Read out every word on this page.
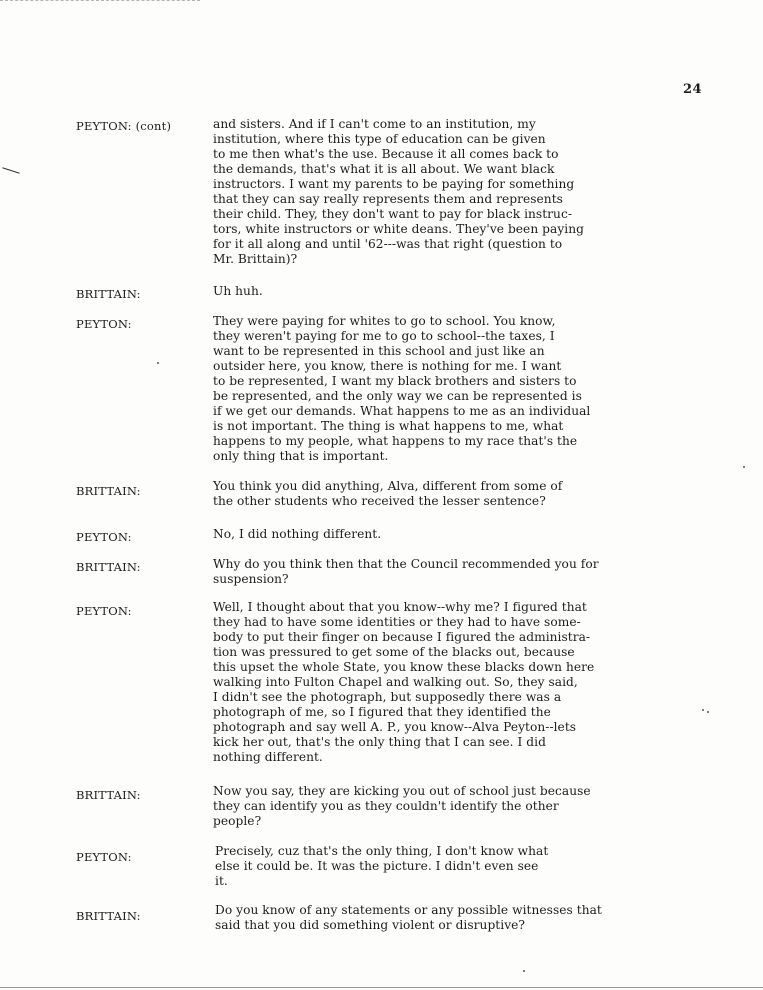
24
PEYTON: (cont)	and sisters. And if I can't come to an institution, my
institution, where this type of education can be given
to me then what's the use. Because it all comes back to
the demands, that's what it is all about. We want black
instructors. I want my parents to be paying for something
that they can say really represents them and represents
their child. They, they don't want to pay for black instruc-
tors, white instructors or white deans. They've been paying
for it all along and until '62---was that right (question to
Mr. Brittain)?
BRITTAIN:	Uh huh.
PEYTON:	They were paying for whites to go to school. You know,
they weren't paying for me to go to school--the taxes, I
want to be represented in this school and just like an
outsider here, you know, there is nothing for me. I want
to be represented, I want my black brothers and sisters to
be represented, and the only way we can be represented is
if we get our demands. What happens to me as an individual
is not important. The thing is what happens to me, what
happens to my people, what happens to my race that's the
only thing that is important.
BRITTAIN:	You think you did anything, Alva, different from some of
the other students who received the lesser sentence?
PEYTON:	No, I did nothing different.
BRITTAIN:	Why do you think then that the Council recommended you for
suspension?
PEYTON:	Well, I thought about that you know--why me? I figured that
they had to have some identities or they had to have some-
body to put their finger on because I figured the administra-
tion was pressured to get some of the blacks out, because
this upset the whole State, you know these blacks down here
walking into Fulton Chapel and walking out. So, they said,
I didn't see the photograph, but supposedly there was a
photograph of me, so I figured that they identified the
photograph and say well A. P., you know--Alva Peyton--lets
kick her out, that's the only thing that I can see. I did
nothing different.
BRITTAIN:	Now you say, they are kicking you out of school just because
they can identify you as they couldn't identify the other
people?
PEYTON:	Precisely, cuz that's the only thing, I don't know what
else it could be. It was the picture. I didn't even see
it.
BRITTAIN:	Do you know of any statements or any possible witnesses that
said that you did something violent or disruptive?
